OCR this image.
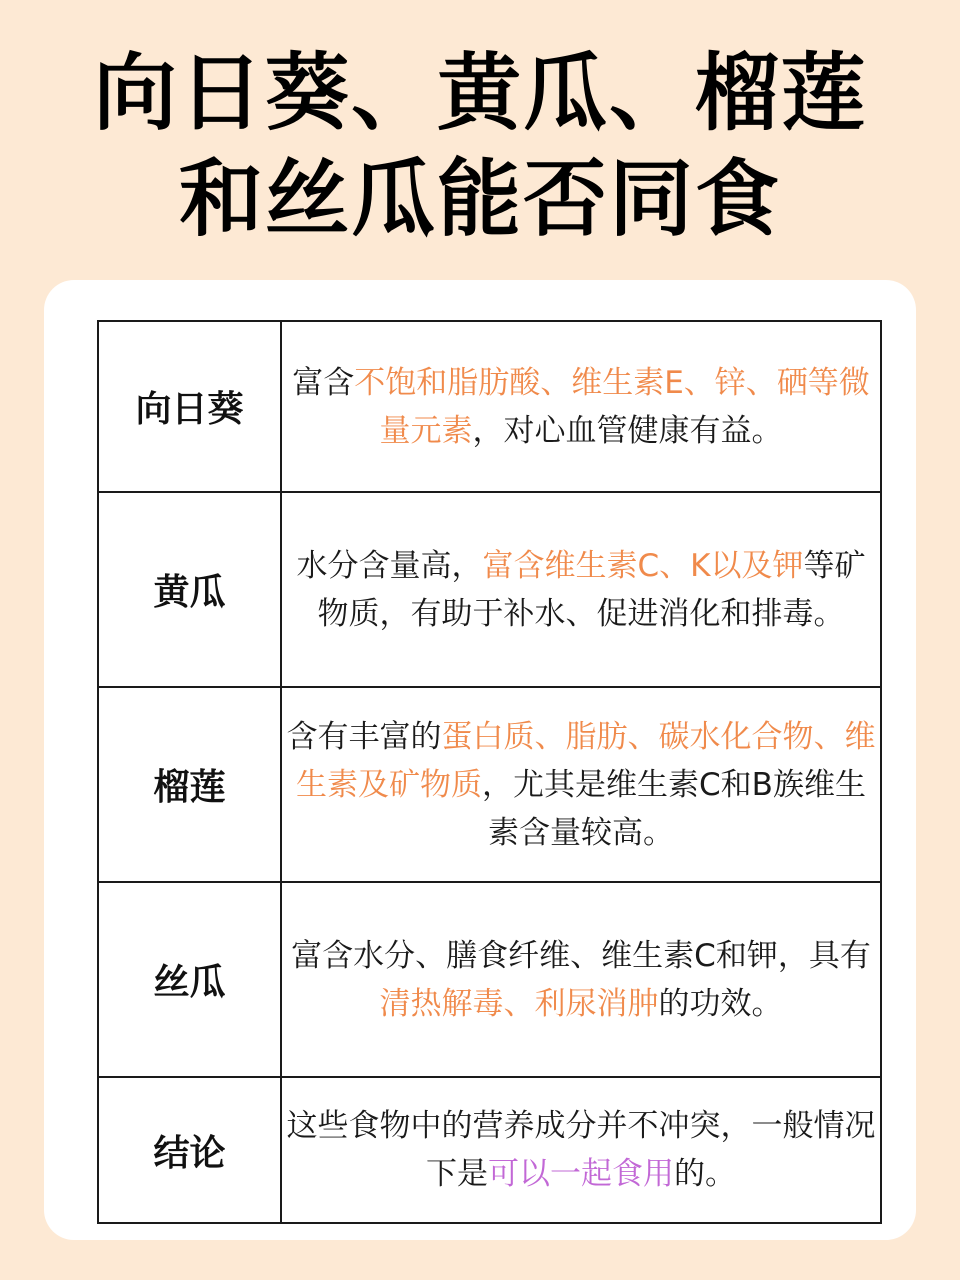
向日葵、黄瓜、榴莲
和丝瓜能否同食
向日葵	富含不饱和脂肪酸、维生素E、锌、硒等微量元素，对心血管健康有益。
黄瓜	水分含量高，富含维生素C、K以及钾等矿物质，有助于补水、促进消化和排毒。
榴莲	含有丰富的蛋白质、脂肪、碳水化合物、维生素及矿物质，尤其是维生素C和B族维生素含量较高。
丝瓜	富含水分、膳食纤维、维生素C和钾，具有清热解毒、利尿消肿的功效。
结论	这些食物中的营养成分并不冲突，一般情况下是可以一起食用的。
